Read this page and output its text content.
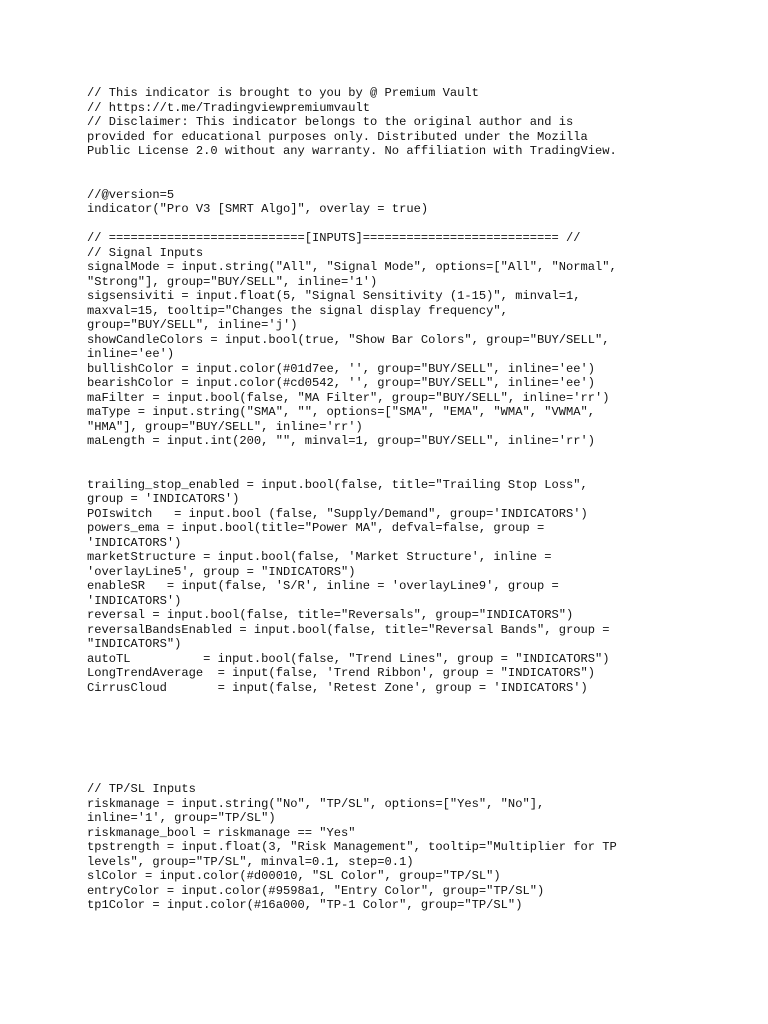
// This indicator is brought to you by @ Premium Vault
// https://t.me/Tradingviewpremiumvault
// Disclaimer: This indicator belongs to the original author and is
provided for educational purposes only. Distributed under the Mozilla
Public License 2.0 without any warranty. No affiliation with TradingView.
//@version=5
indicator("Pro V3 [SMRT Algo]", overlay = true)
// ===========================[INPUTS]=========================== //
// Signal Inputs
signalMode = input.string("All", "Signal Mode", options=["All", "Normal",
"Strong"], group="BUY/SELL", inline='1')
sigsensiviti = input.float(5, "Signal Sensitivity (1-15)", minval=1,
maxval=15, tooltip="Changes the signal display frequency",
group="BUY/SELL", inline='j')
showCandleColors = input.bool(true, "Show Bar Colors", group="BUY/SELL",
inline='ee')
bullishColor = input.color(#01d7ee, '', group="BUY/SELL", inline='ee')
bearishColor = input.color(#cd0542, '', group="BUY/SELL", inline='ee')
maFilter = input.bool(false, "MA Filter", group="BUY/SELL", inline='rr')
maType = input.string("SMA", "", options=["SMA", "EMA", "WMA", "VWMA",
"HMA"], group="BUY/SELL", inline='rr')
maLength = input.int(200, "", minval=1, group="BUY/SELL", inline='rr')
trailing_stop_enabled = input.bool(false, title="Trailing Stop Loss",
group = 'INDICATORS')
POIswitch   = input.bool (false, "Supply/Demand", group='INDICATORS')
powers_ema = input.bool(title="Power MA", defval=false, group =
'INDICATORS')
marketStructure = input.bool(false, 'Market Structure', inline =
'overlayLine5', group = "INDICATORS")
enableSR   = input(false, 'S/R', inline = 'overlayLine9', group =
'INDICATORS')
reversal = input.bool(false, title="Reversals", group="INDICATORS")
reversalBandsEnabled = input.bool(false, title="Reversal Bands", group =
"INDICATORS")
autoTL          = input.bool(false, "Trend Lines", group = "INDICATORS")
LongTrendAverage  = input(false, 'Trend Ribbon', group = "INDICATORS")
CirrusCloud       = input(false, 'Retest Zone', group = 'INDICATORS')
// TP/SL Inputs
riskmanage = input.string("No", "TP/SL", options=["Yes", "No"],
inline='1', group="TP/SL")
riskmanage_bool = riskmanage == "Yes"
tpstrength = input.float(3, "Risk Management", tooltip="Multiplier for TP
levels", group="TP/SL", minval=0.1, step=0.1)
slColor = input.color(#d00010, "SL Color", group="TP/SL")
entryColor = input.color(#9598a1, "Entry Color", group="TP/SL")
tp1Color = input.color(#16a000, "TP-1 Color", group="TP/SL")
